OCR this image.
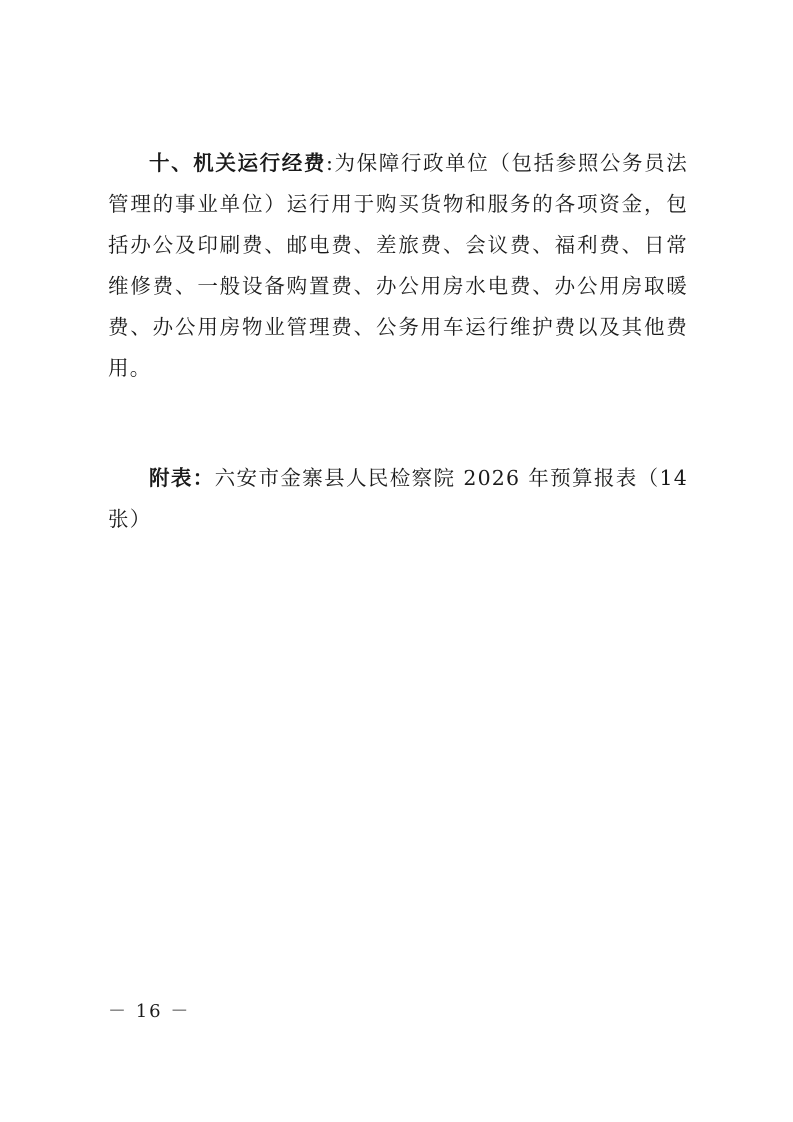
十、机关运行经费:为保障行政单位（包括参照公务员法管理的事业单位）运行用于购买货物和服务的各项资金，包括办公及印刷费、邮电费、差旅费、会议费、福利费、日常维修费、一般设备购置费、办公用房水电费、办公用房取暖费、办公用房物业管理费、公务用车运行维护费以及其他费用。

附表：六安市金寨县人民检察院 2026 年预算报表（14 张）

－ 16 －
